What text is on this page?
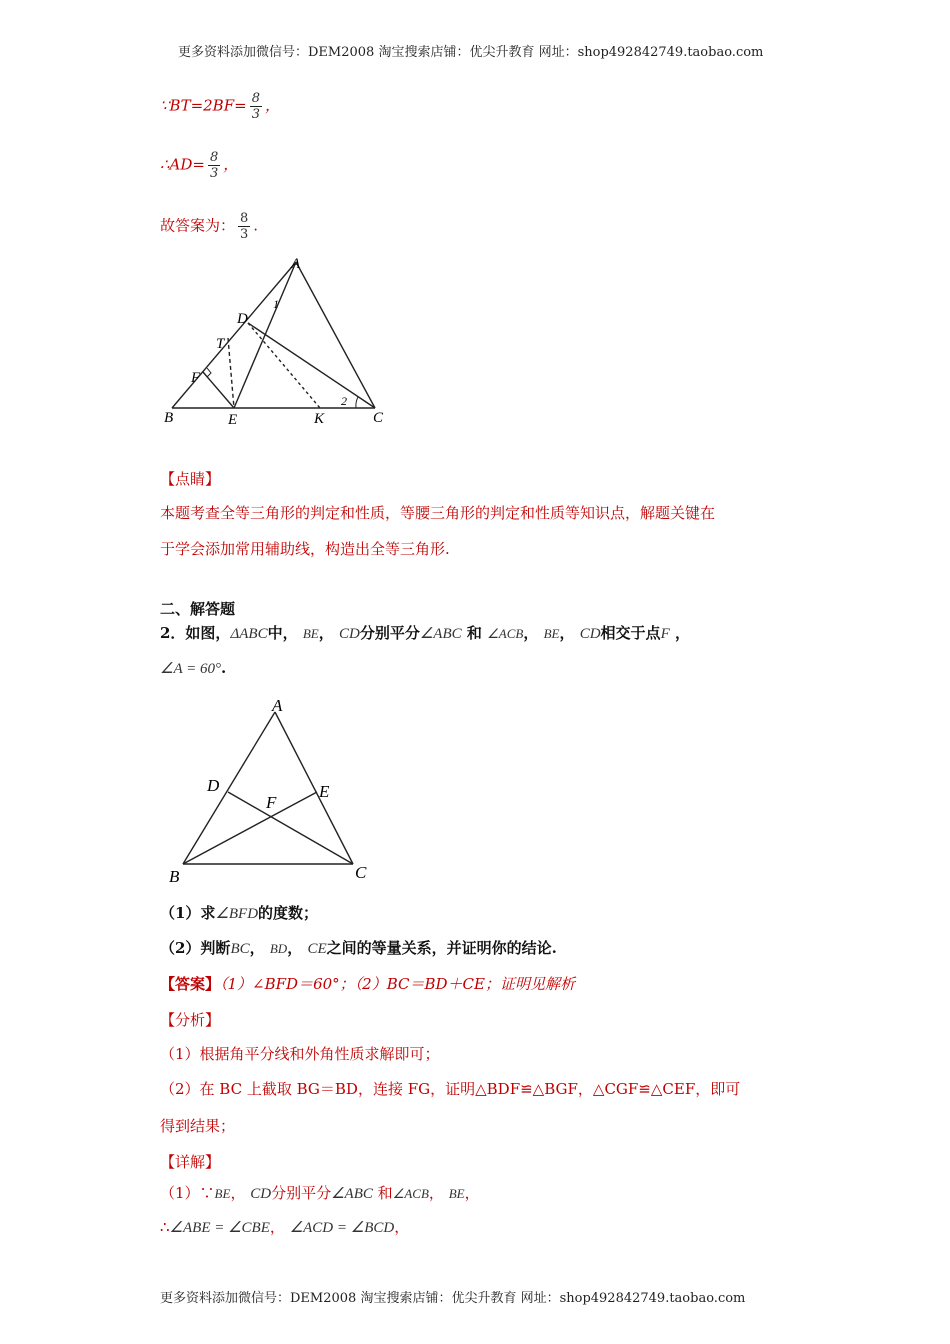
更多资料添加微信号：DEM2008 淘宝搜索店铺：优尖升教育 网址：shop492842749.taobao.com
∵BT=2BF= $\frac{8}{3}$ ，
∴AD= $\frac{8}{3}$ ，
故答案为： $\frac{8}{3}$ .
A
D
T
F
B	E	K	C
1
2
【点睛】
本题考查全等三角形的判定和性质，等腰三角形的判定和性质等知识点，解题关键在
于学会添加常用辅助线，构造出全等三角形.
二、解答题
2．如图，ΔABC中， BE， CD分别平分∠ABC 和 ∠ACB， BE， CD相交于点F ，
∠A = 60°.
A
D	E
F
B	C
（1）求∠BFD的度数；
（2）判断BC， BD， CE之间的等量关系，并证明你的结论.
【答案】（1）∠BFD＝60°；（2）BC＝BD＋CE；证明见解析
【分析】
（1）根据角平分线和外角性质求解即可；
（2）在 BC 上截取 BG＝BD，连接 FG，证明△BDF≌△BGF，△CGF≌△CEF，即可
得到结果；
【详解】
（1）∵BE， CD分别平分∠ABC 和∠ACB， BE，
∴∠ABE = ∠CBE， ∠ACD = ∠BCD，
更多资料添加微信号：DEM2008 淘宝搜索店铺：优尖升教育 网址：shop492842749.taobao.com
